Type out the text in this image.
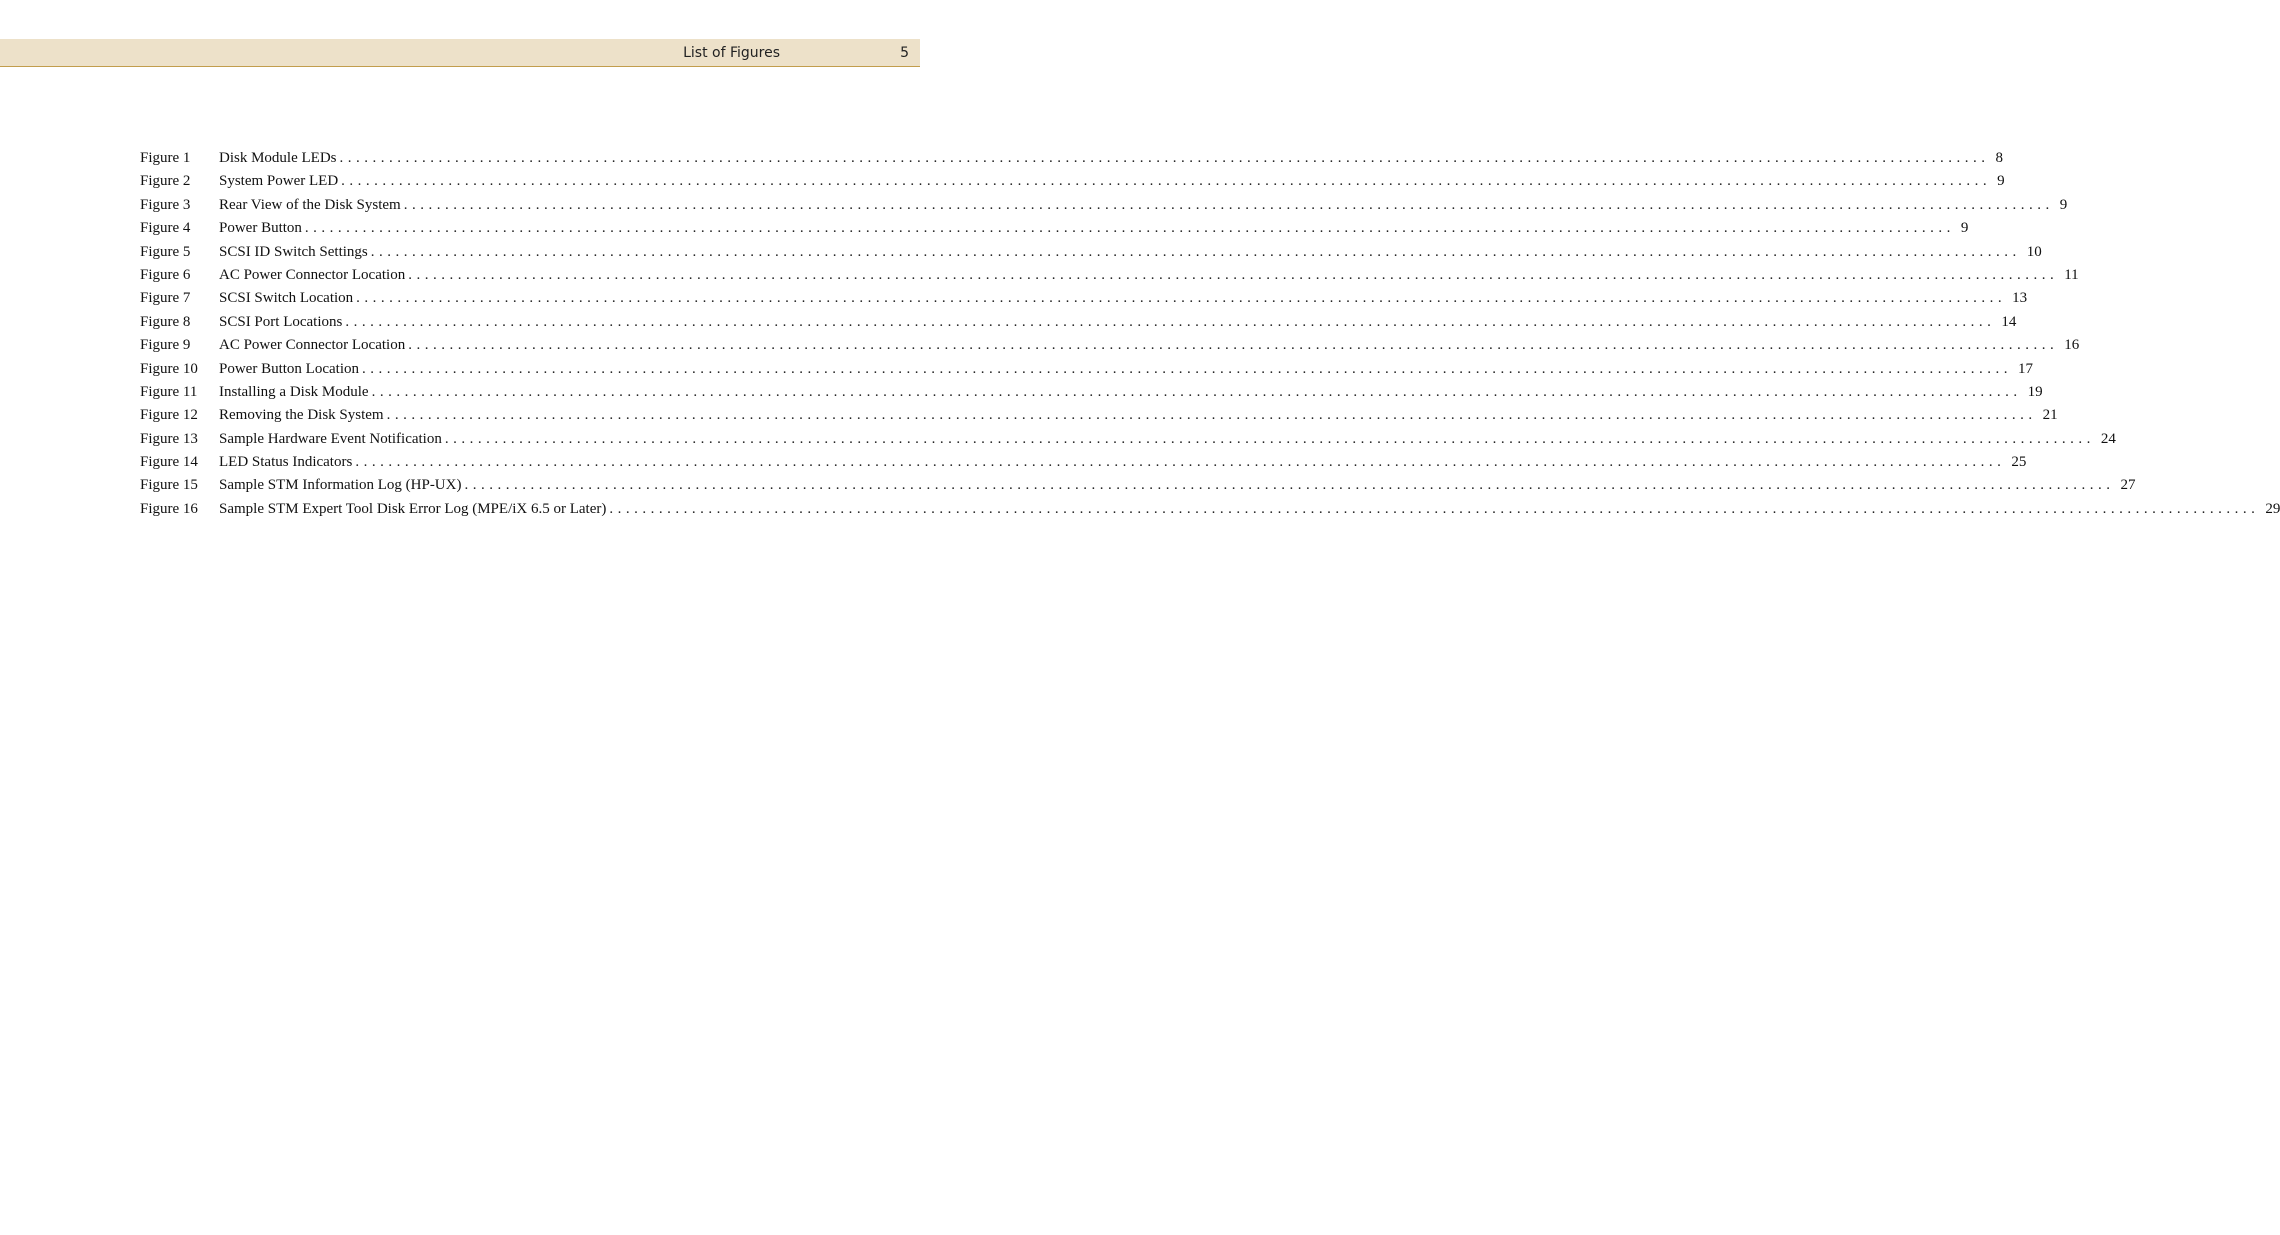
List of Figures	5
Figure 1	Disk Module LEDs ........................................................................................................................................................................................................ 8
Figure 2	System Power LED ........................................................................................................................................................................................................ 9
Figure 3	Rear View of the Disk System ........................................................................................................................................................................................................ 9
Figure 4	Power Button ........................................................................................................................................................................................................ 9
Figure 5	SCSI ID Switch Settings ........................................................................................................................................................................................................ 10
Figure 6	AC Power Connector Location ........................................................................................................................................................................................................ 11
Figure 7	SCSI Switch Location ........................................................................................................................................................................................................ 13
Figure 8	SCSI Port Locations ........................................................................................................................................................................................................ 14
Figure 9	AC Power Connector Location ........................................................................................................................................................................................................ 16
Figure 10	Power Button Location ........................................................................................................................................................................................................ 17
Figure 11	Installing a Disk Module ........................................................................................................................................................................................................ 19
Figure 12	Removing the Disk System ........................................................................................................................................................................................................ 21
Figure 13	Sample Hardware Event Notification ........................................................................................................................................................................................................ 24
Figure 14	LED Status Indicators ........................................................................................................................................................................................................ 25
Figure 15	Sample STM Information Log (HP-UX) ........................................................................................................................................................................................................ 27
Figure 16	Sample STM Expert Tool Disk Error Log (MPE/iX 6.5 or Later) ........................................................................................................................................................................................................ 29
